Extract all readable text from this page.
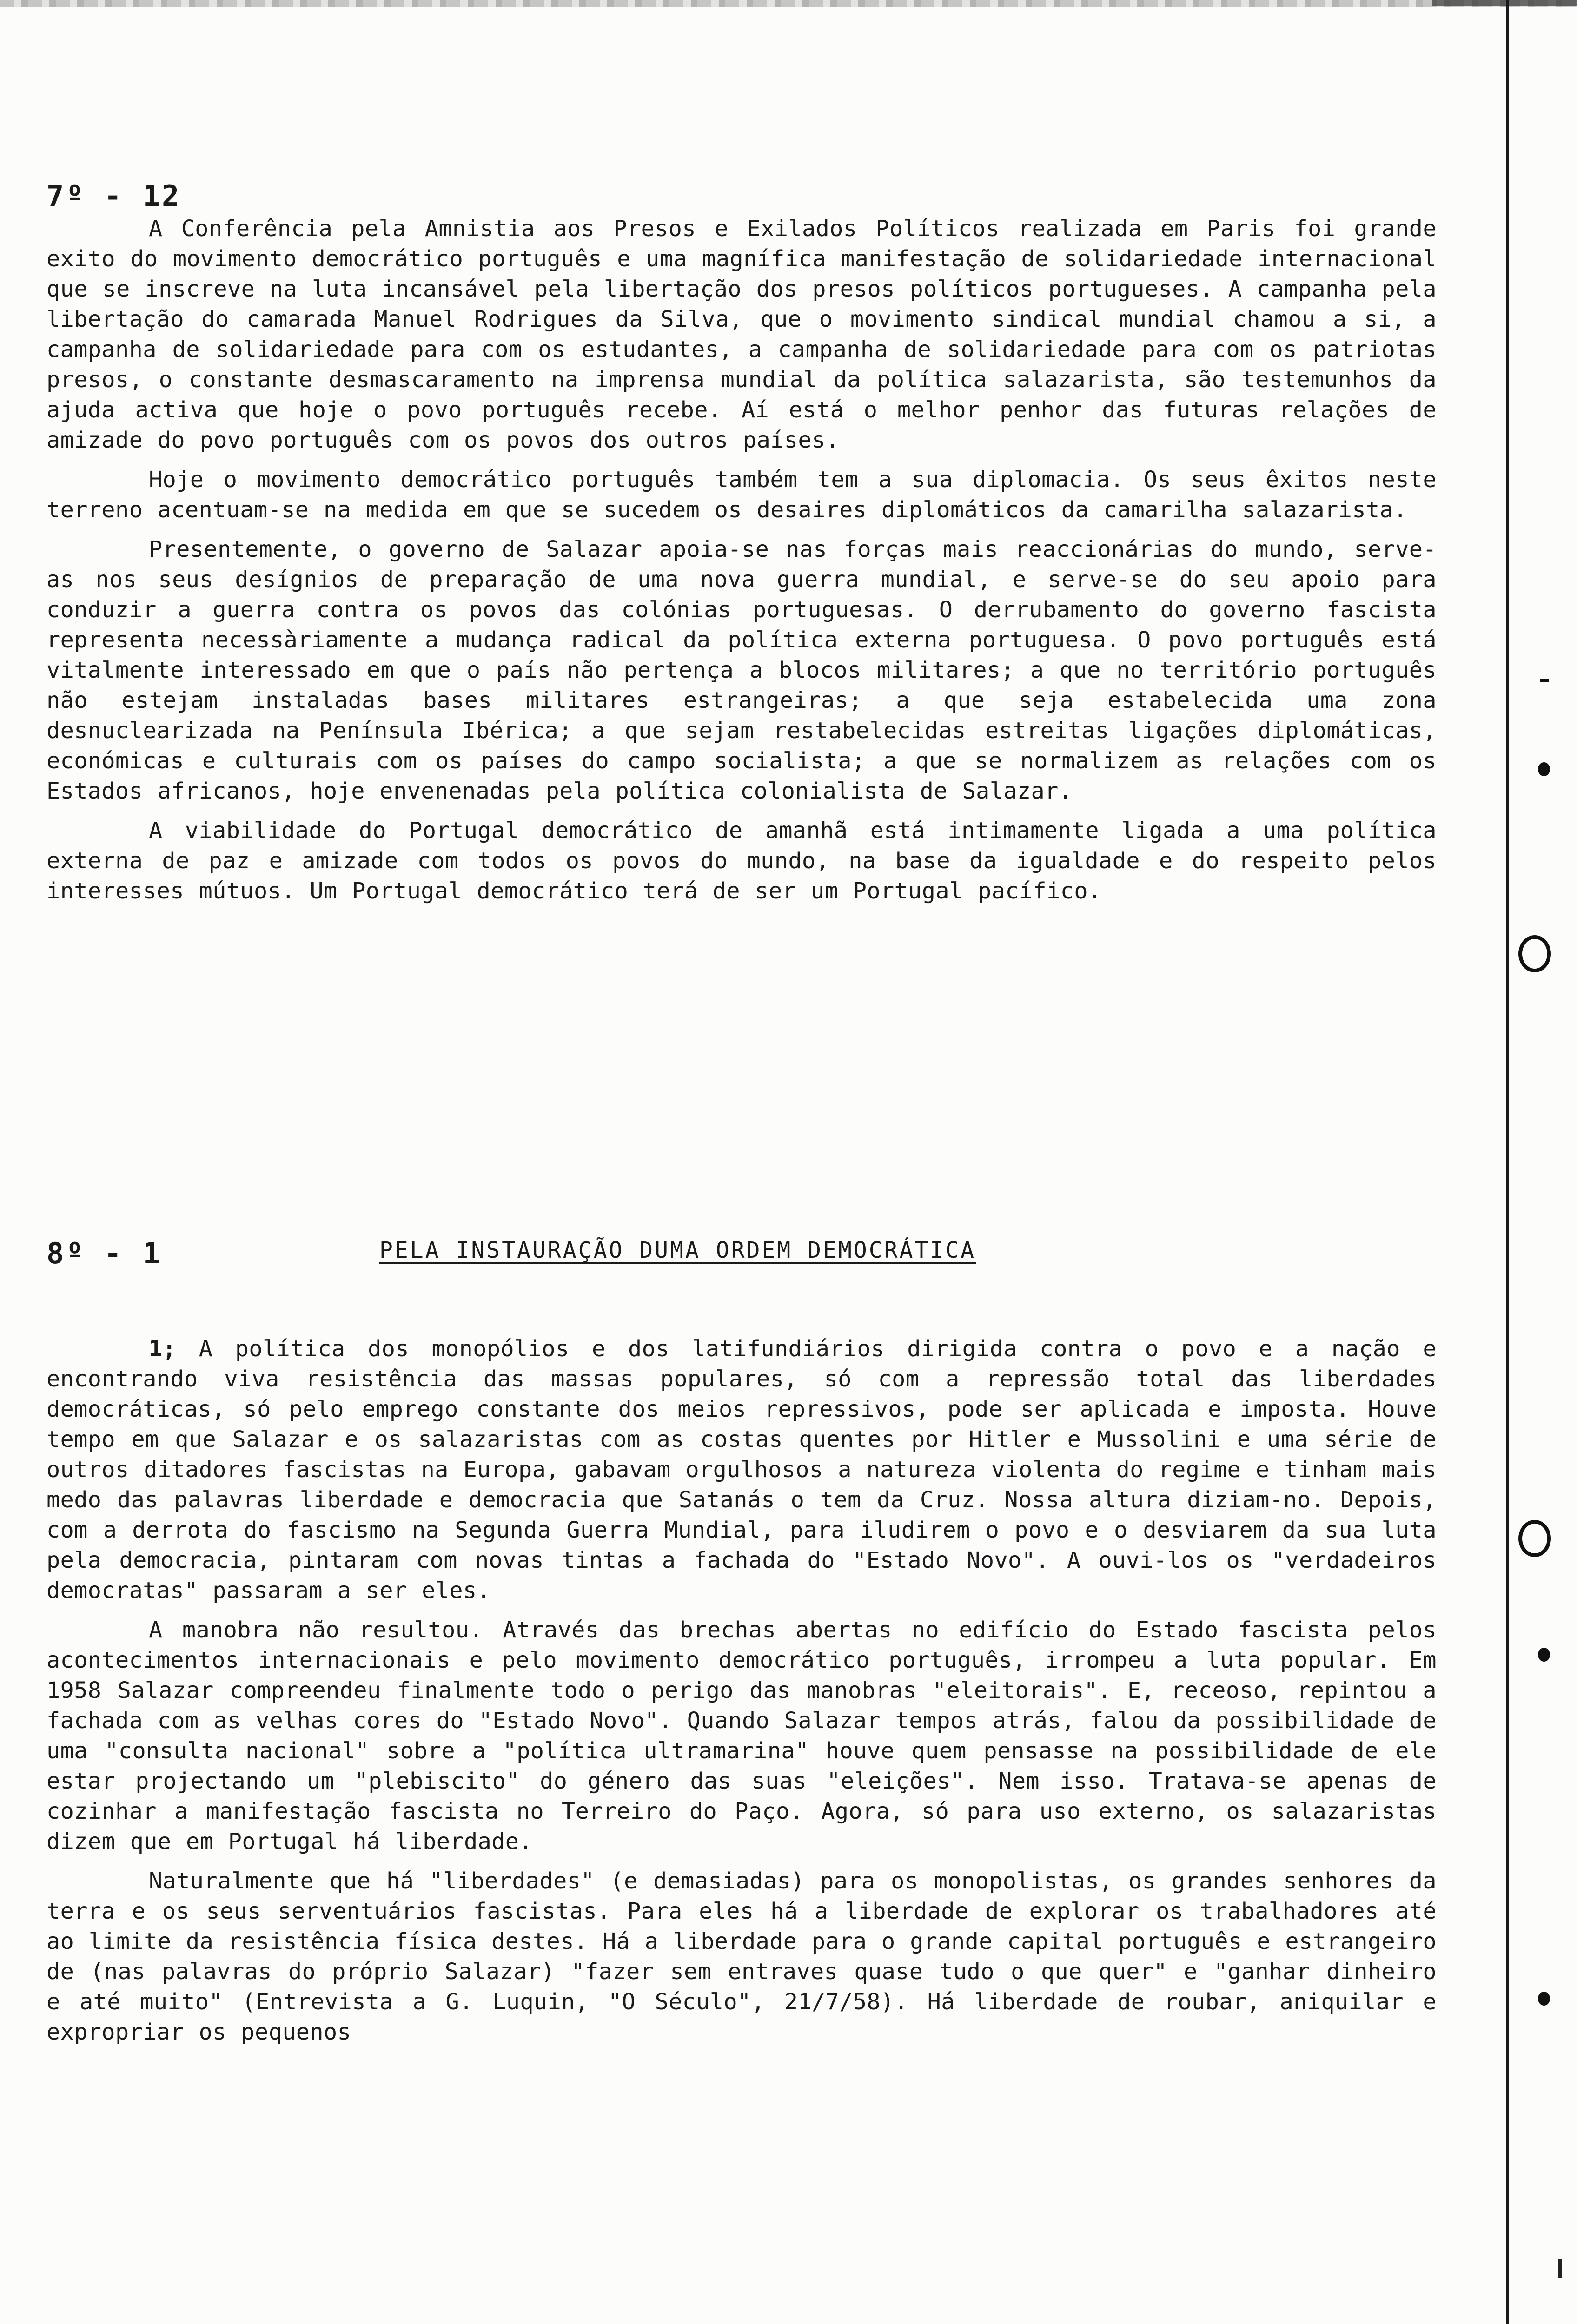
7º - 12

A Conferência pela Amnistia aos Presos e Exilados Políticos realizada em Paris foi grande exito do movimento democrático português e uma magnífica manifestação de solidariedade internacional que se inscreve na luta incansável pela libertação dos presos políticos portugueses. A campanha pela libertação do camarada Manuel Rodrigues da Silva, que o movimento sindical mundial chamou a si, a campanha de solidariedade para com os estudantes, a campanha de solidariedade para com os patriotas presos, o constante desmascaramento na imprensa mundial da política salazarista, são testemunhos da ajuda activa que hoje o povo português recebe. Aí está o melhor penhor das futuras relações de amizade do povo português com os povos dos outros países.

Hoje o movimento democrático português também tem a sua diplomacia. Os seus êxitos neste terreno acentuam-se na medida em que se sucedem os desaires diplomáticos da camarilha salazarista.

Presentemente, o governo de Salazar apoia-se nas forças mais reaccionárias do mundo, serve-as nos seus desígnios de preparação de uma nova guerra mundial, e serve-se do seu apoio para conduzir a guerra contra os povos das colónias portuguesas. O derrubamento do governo fascista representa necessàriamente a mudança radical da política externa portuguesa. O povo português está vitalmente interessado em que o país não pertença a blocos militares; a que no território português não estejam instaladas bases militares estrangeiras; a que seja estabelecida uma zona desnuclearizada na Península Ibérica; a que sejam restabelecidas estreitas ligações diplomáticas, económicas e culturais com os países do campo socialista; a que se normalizem as relações com os Estados africanos, hoje envenenadas pela política colonialista de Salazar.

A viabilidade do Portugal democrático de amanhã está intimamente ligada a uma política externa de paz e amizade com todos os povos do mundo, na base da igualdade e do respeito pelos interesses mútuos. Um Portugal democrático terá de ser um Portugal pacífico.

8º - 1	PELA INSTAURAÇÃO DUMA ORDEM DEMOCRÁTICA

1; A política dos monopólios e dos latifundiários dirigida contra o povo e a nação e encontrando viva resistência das massas populares, só com a repressão total das liberdades democráticas, só pelo emprego constante dos meios repressivos, pode ser aplicada e imposta. Houve tempo em que Salazar e os salazaristas com as costas quentes por Hitler e Mussolini e uma série de outros ditadores fascistas na Europa, gabavam orgulhosos a natureza violenta do regime e tinham mais medo das palavras liberdade e democracia que Satanás o tem da Cruz. Nossa altura diziam-no. Depois, com a derrota do fascismo na Segunda Guerra Mundial, para iludirem o povo e o desviarem da sua luta pela democracia, pintaram com novas tintas a fachada do "Estado Novo". A ouvi-los os "verdadeiros democratas" passaram a ser eles.

A manobra não resultou. Através das brechas abertas no edifício do Estado fascista pelos acontecimentos internacionais e pelo movimento democrático português, irrompeu a luta popular. Em 1958 Salazar compreendeu finalmente todo o perigo das manobras "eleitorais". E, receoso, repintou a fachada com as velhas cores do "Estado Novo". Quando Salazar tempos atrás, falou da possibilidade de uma "consulta nacional" sobre a "política ultramarina" houve quem pensasse na possibilidade de ele estar projectando um "plebiscito" do género das suas "eleições". Nem isso. Tratava-se apenas de cozinhar a manifestação fascista no Terreiro do Paço. Agora, só para uso externo, os salazaristas dizem que em Portugal há liberdade.

Naturalmente que há "liberdades" (e demasiadas) para os monopolistas, os grandes senhores da terra e os seus serventuários fascistas. Para eles há a liberdade de explorar os trabalhadores até ao limite da resistência física destes. Há a liberdade para o grande capital português e estrangeiro de (nas palavras do próprio Salazar) "fazer sem entraves quase tudo o que quer" e "ganhar dinheiro e até muito" (Entrevista a G. Luquin, "O Século", 21/7/58). Há liberdade de roubar, aniquilar e expropriar os pequenos
